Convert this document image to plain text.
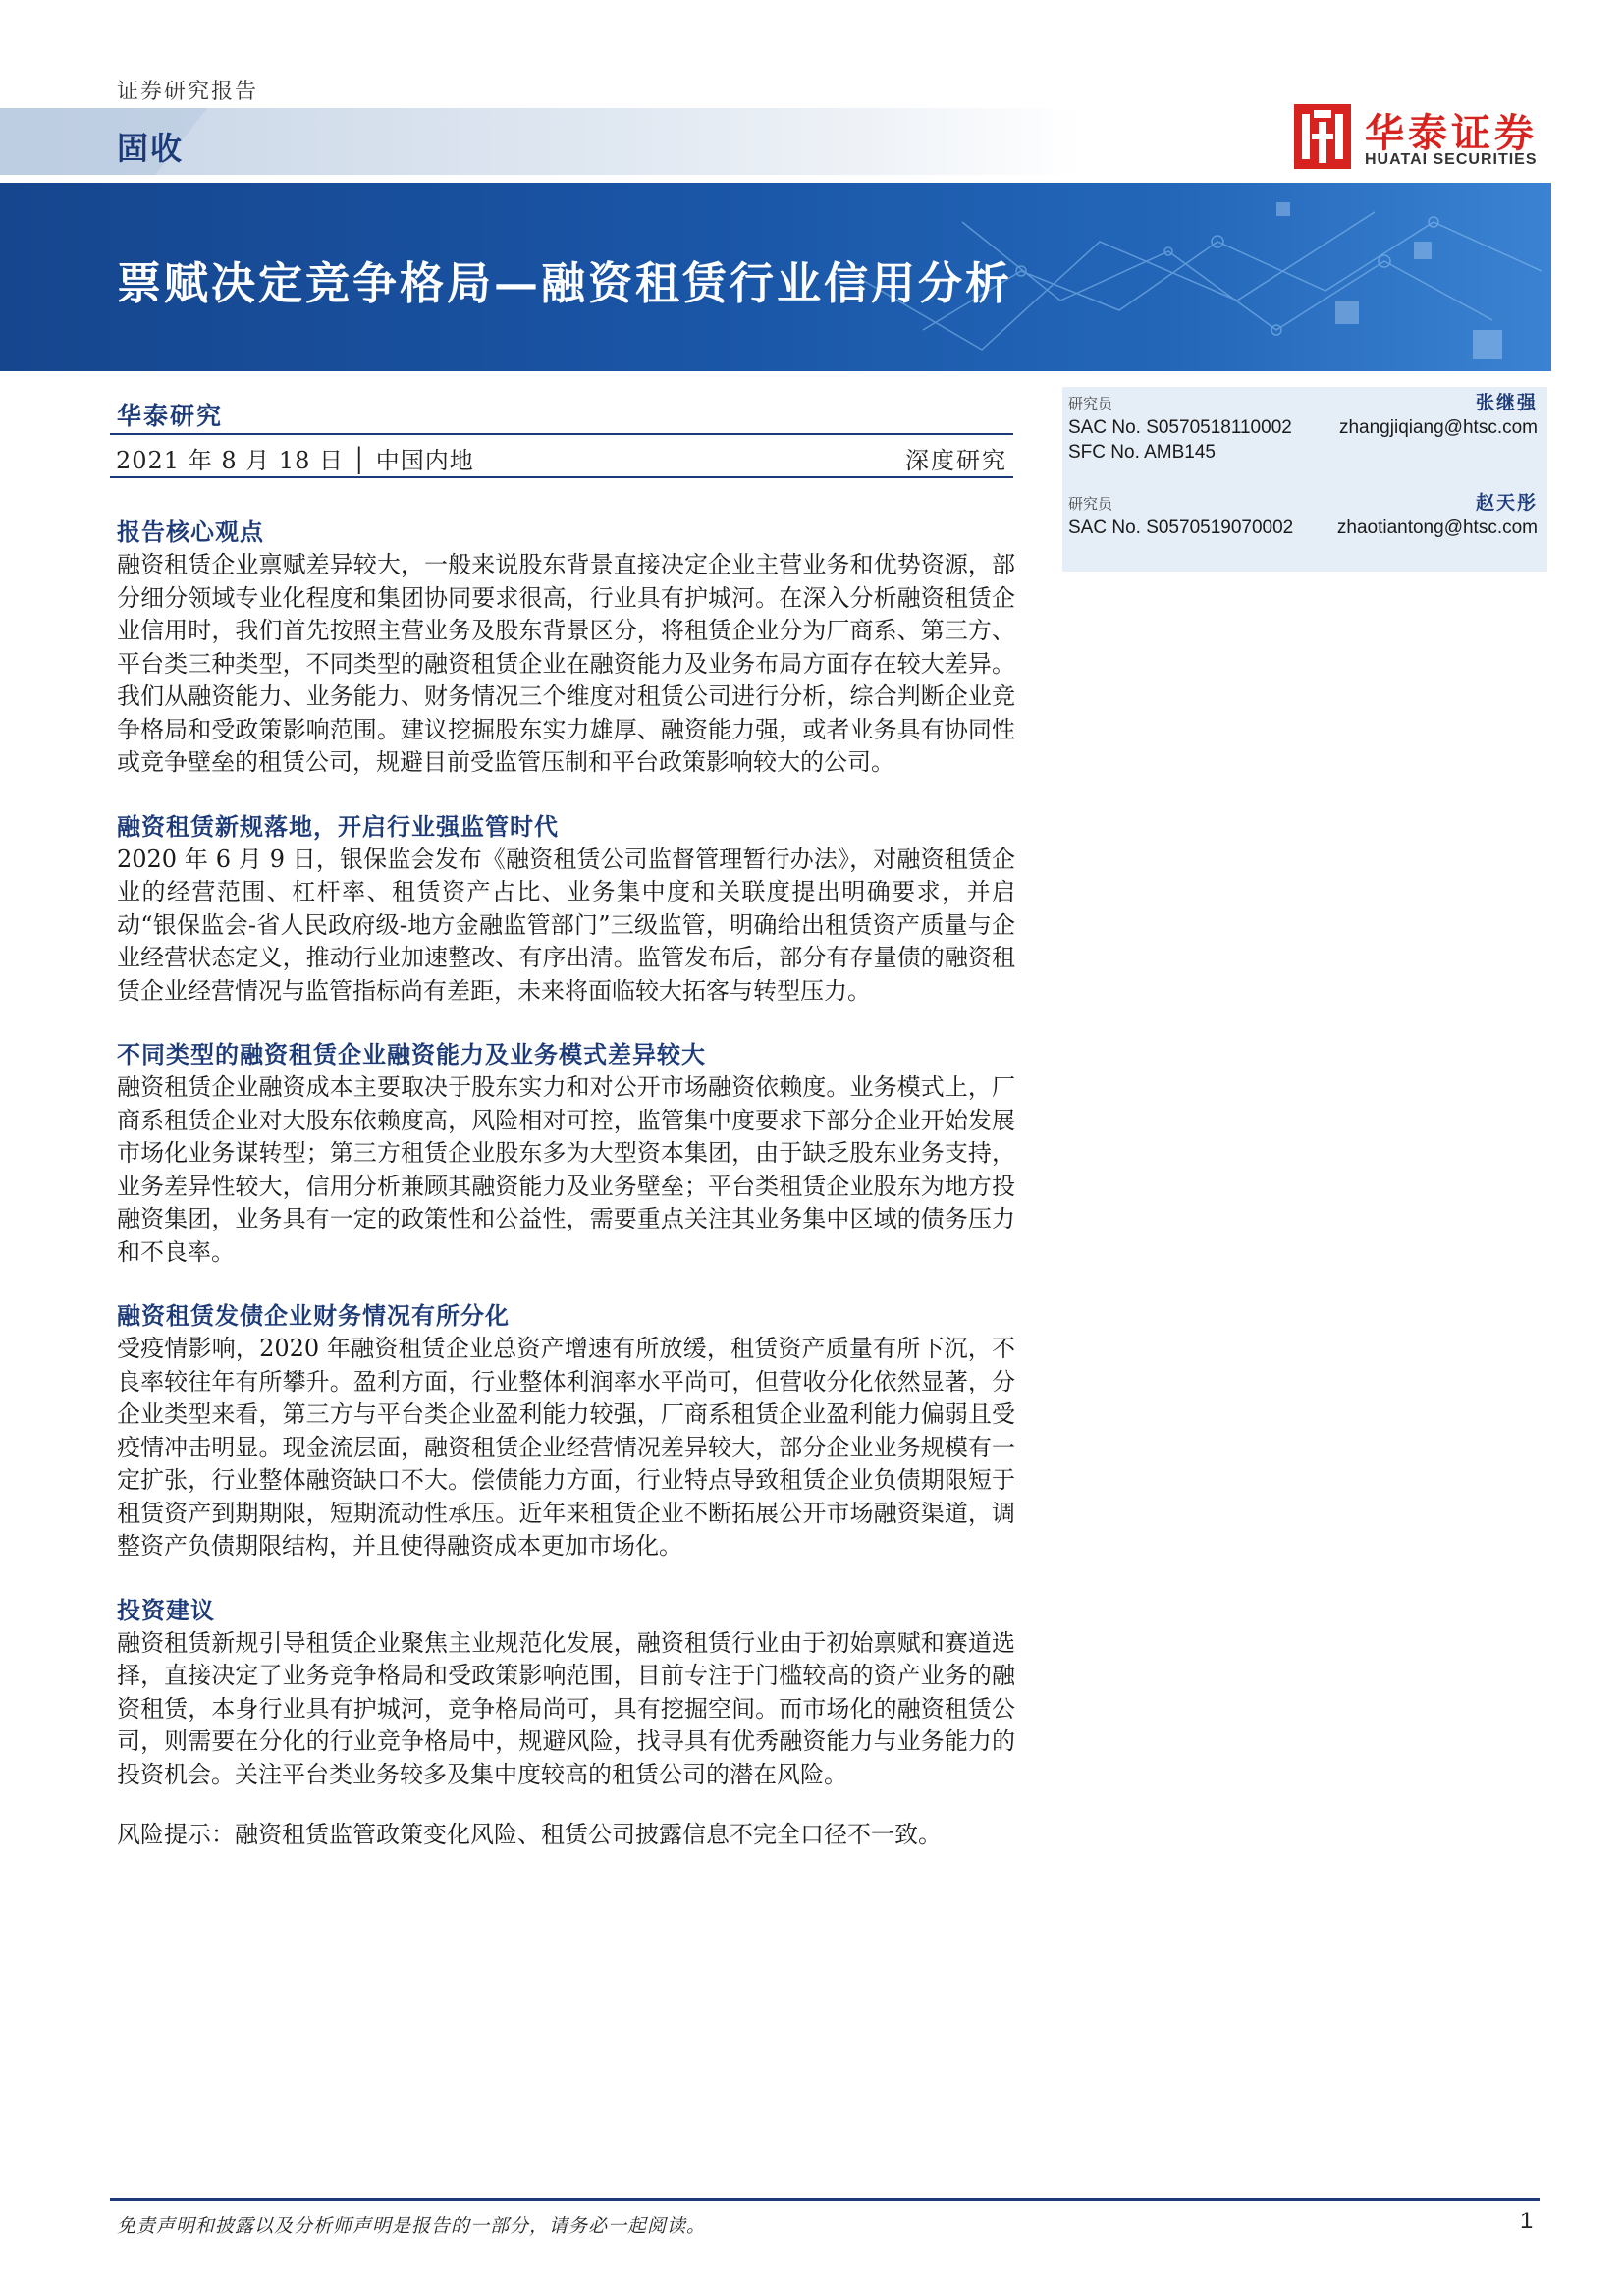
证券研究报告
固收	华泰证券
HUATAI SECURITIES
票赋决定竞争格局—融资租赁行业信用分析
华泰研究
2021 年 8 月 18 日 │ 中国内地	深度研究
研究员	张继强
SAC No. S0570518110002	zhangjiqiang@htsc.com
SFC No. AMB145
研究员	赵天彤
SAC No. S0570519070002 zhaotiantong@htsc.com
报告核心观点

融资租赁企业禀赋差异较大，一般来说股东背景直接决定企业主营业务和优势资源，部分细分领域专业化程度和集团协同要求很高，行业具有护城河。在深入分析融资租赁企业信用时，我们首先按照主营业务及股东背景区分，将租赁企业分为厂商系、第三方、平台类三种类型，不同类型的融资租赁企业在融资能力及业务布局方面存在较大差异。我们从融资能力、业务能力、财务情况三个维度对租赁公司进行分析，综合判断企业竞争格局和受政策影响范围。建议挖掘股东实力雄厚、融资能力强，或者业务具有协同性或竞争壁垒的租赁公司，规避目前受监管压制和平台政策影响较大的公司。

融资租赁新规落地，开启行业强监管时代

2020 年 6 月 9 日，银保监会发布《融资租赁公司监督管理暂行办法》，对融资租赁企业的经营范围、杠杆率、租赁资产占比、业务集中度和关联度提出明确要求，并启动“银保监会-省人民政府级-地方金融监管部门”三级监管，明确给出租赁资产质量与企业经营状态定义，推动行业加速整改、有序出清。监管发布后，部分有存量债的融资租赁企业经营情况与监管指标尚有差距，未来将面临较大拓客与转型压力。

不同类型的融资租赁企业融资能力及业务模式差异较大

融资租赁企业融资成本主要取决于股东实力和对公开市场融资依赖度。业务模式上，厂商系租赁企业对大股东依赖度高，风险相对可控，监管集中度要求下部分企业开始发展市场化业务谋转型；第三方租赁企业股东多为大型资本集团，由于缺乏股东业务支持，业务差异性较大，信用分析兼顾其融资能力及业务壁垒；平台类租赁企业股东为地方投融资集团，业务具有一定的政策性和公益性，需要重点关注其业务集中区域的债务压力和不良率。

融资租赁发债企业财务情况有所分化

受疫情影响，2020 年融资租赁企业总资产增速有所放缓，租赁资产质量有所下沉，不良率较往年有所攀升。盈利方面，行业整体利润率水平尚可，但营收分化依然显著，分企业类型来看，第三方与平台类企业盈利能力较强，厂商系租赁企业盈利能力偏弱且受疫情冲击明显。现金流层面，融资租赁企业经营情况差异较大，部分企业业务规模有一定扩张，行业整体融资缺口不大。偿债能力方面，行业特点导致租赁企业负债期限短于租赁资产到期期限，短期流动性承压。近年来租赁企业不断拓展公开市场融资渠道，调整资产负债期限结构，并且使得融资成本更加市场化。

投资建议

融资租赁新规引导租赁企业聚焦主业规范化发展，融资租赁行业由于初始禀赋和赛道选择，直接决定了业务竞争格局和受政策影响范围，目前专注于门槛较高的资产业务的融资租赁，本身行业具有护城河，竞争格局尚可，具有挖掘空间。而市场化的融资租赁公司，则需要在分化的行业竞争格局中，规避风险，找寻具有优秀融资能力与业务能力的投资机会。关注平台类业务较多及集中度较高的租赁公司的潜在风险。

风险提示：融资租赁监管政策变化风险、租赁公司披露信息不完全口径不一致。

免责声明和披露以及分析师声明是报告的一部分，请务必一起阅读。	1
